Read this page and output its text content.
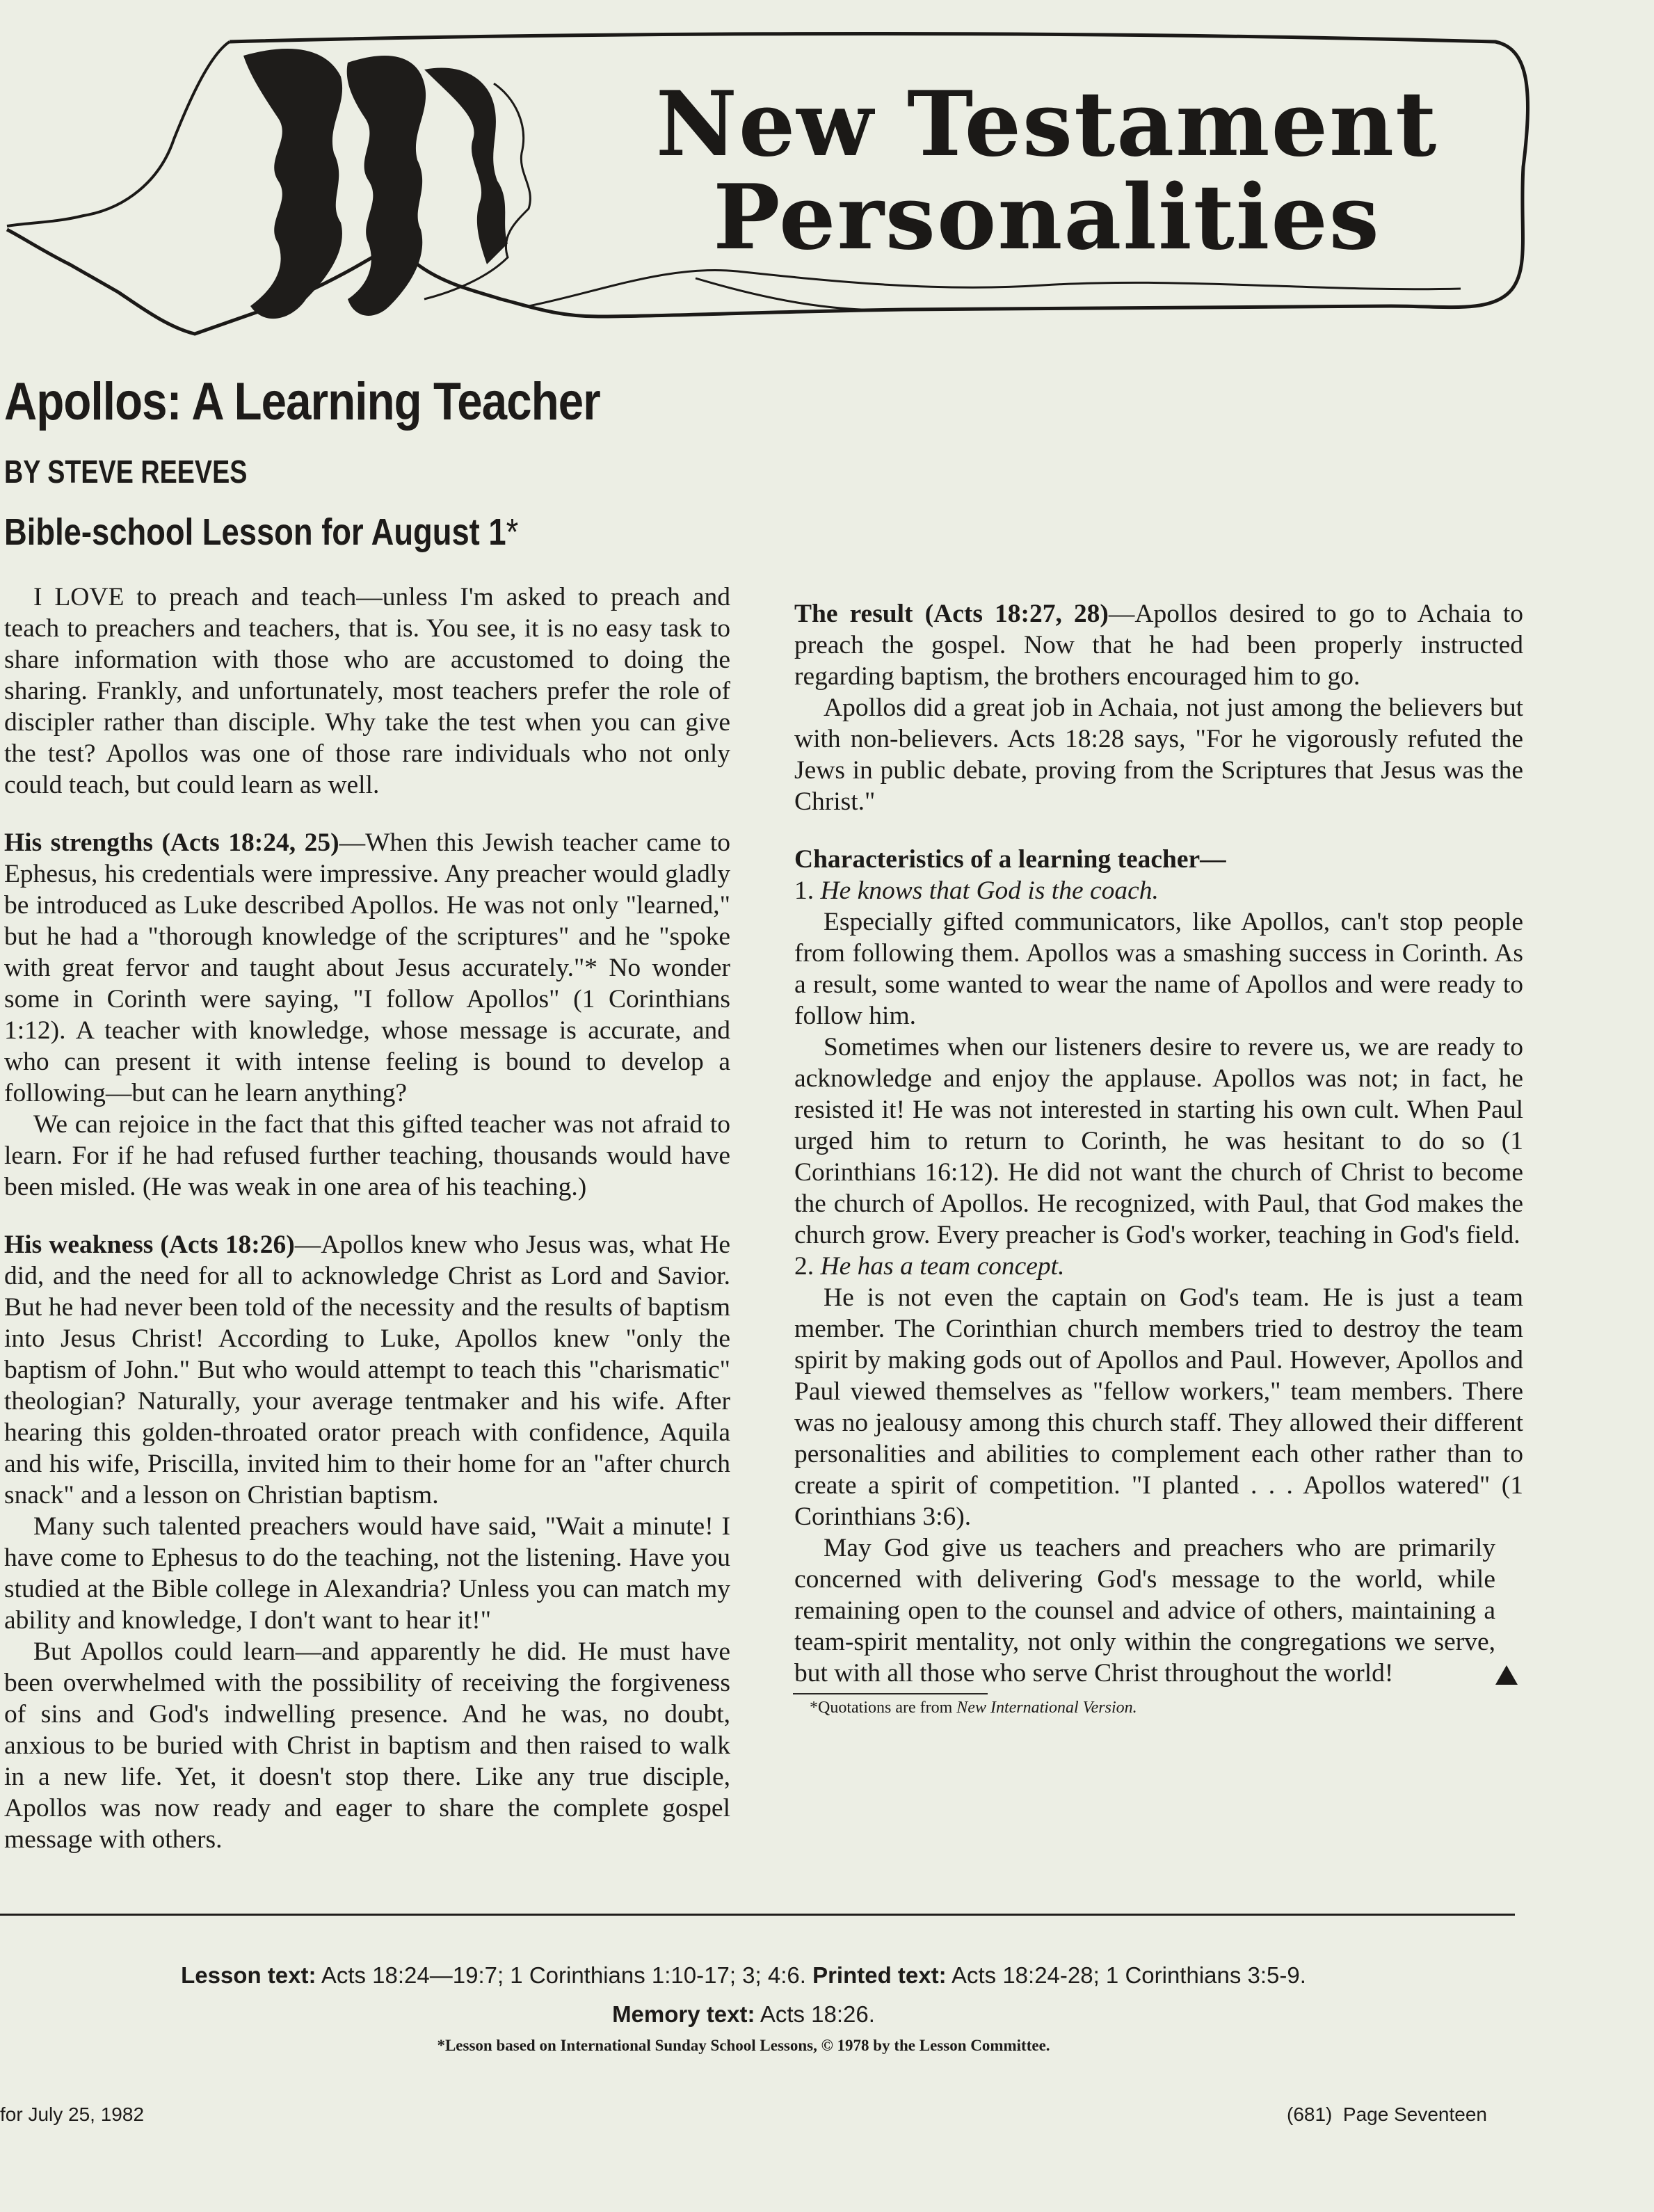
New Testament
Personalities
Apollos: A Learning Teacher
BY STEVE REEVES
Bible-school Lesson for August 1*

I LOVE to preach and teach—unless I'm asked to preach and teach to preachers and teachers, that is. You see, it is no easy task to share information with those who are accustomed to doing the sharing. Frankly, and unfortunately, most teachers prefer the role of discipler rather than disciple. Why take the test when you can give the test? Apollos was one of those rare individuals who not only could teach, but could learn as well.

His strengths (Acts 18:24, 25)—When this Jewish teacher came to Ephesus, his credentials were impressive. Any preacher would gladly be introduced as Luke described Apollos. He was not only "learned," but he had a "thorough knowledge of the scriptures" and he "spoke with great fervor and taught about Jesus accurately."* No wonder some in Corinth were saying, "I follow Apollos" (1 Corinthians 1:12). A teacher with knowledge, whose message is accurate, and who can present it with intense feeling is bound to develop a following—but can he learn anything?

We can rejoice in the fact that this gifted teacher was not afraid to learn. For if he had refused further teaching, thousands would have been misled. (He was weak in one area of his teaching.)

His weakness (Acts 18:26)—Apollos knew who Jesus was, what He did, and the need for all to acknowledge Christ as Lord and Savior. But he had never been told of the necessity and the results of baptism into Jesus Christ! According to Luke, Apollos knew "only the baptism of John." But who would attempt to teach this "charismatic" theologian? Naturally, your average tentmaker and his wife. After hearing this golden-throated orator preach with confidence, Aquila and his wife, Priscilla, invited him to their home for an "after church snack" and a lesson on Christian baptism.

Many such talented preachers would have said, "Wait a minute! I have come to Ephesus to do the teaching, not the listening. Have you studied at the Bible college in Alexandria? Unless you can match my ability and knowledge, I don't want to hear it!"

But Apollos could learn—and apparently he did. He must have been overwhelmed with the possibility of receiving the forgiveness of sins and God's indwelling presence. And he was, no doubt, anxious to be buried with Christ in baptism and then raised to walk in a new life. Yet, it doesn't stop there. Like any true disciple, Apollos was now ready and eager to share the complete gospel message with others.

The result (Acts 18:27, 28)—Apollos desired to go to Achaia to preach the gospel. Now that he had been properly instructed regarding baptism, the brothers encouraged him to go.

Apollos did a great job in Achaia, not just among the believers but with non-believers. Acts 18:28 says, "For he vigorously refuted the Jews in public debate, proving from the Scriptures that Jesus was the Christ."

Characteristics of a learning teacher—

1. He knows that God is the coach.

Especially gifted communicators, like Apollos, can't stop people from following them. Apollos was a smashing success in Corinth. As a result, some wanted to wear the name of Apollos and were ready to follow him.

Sometimes when our listeners desire to revere us, we are ready to acknowledge and enjoy the applause. Apollos was not; in fact, he resisted it! He was not interested in starting his own cult. When Paul urged him to return to Corinth, he was hesitant to do so (1 Corinthians 16:12). He did not want the church of Christ to become the church of Apollos. He recognized, with Paul, that God makes the church grow. Every preacher is God's worker, teaching in God's field.

2. He has a team concept.

He is not even the captain on God's team. He is just a team member. The Corinthian church members tried to destroy the team spirit by making gods out of Apollos and Paul. However, Apollos and Paul viewed themselves as "fellow workers," team members. There was no jealousy among this church staff. They allowed their different personalities and abilities to complement each other rather than to create a spirit of competition. "I planted . . . Apollos watered" (1 Corinthians 3:6).

May God give us teachers and preachers who are primarily concerned with delivering God's message to the world, while remaining open to the counsel and advice of others, maintaining a team-spirit mentality, not only within the congregations we serve, but with all those who serve Christ throughout the world!

*Quotations are from New International Version.

Lesson text: Acts 18:24—19:7; 1 Corinthians 1:10-17; 3; 4:6. Printed text: Acts 18:24-28; 1 Corinthians 3:5-9.
Memory text: Acts 18:26.
*Lesson based on International Sunday School Lessons, © 1978 by the Lesson Committee.
for July 25, 1982	(681)  Page Seventeen
